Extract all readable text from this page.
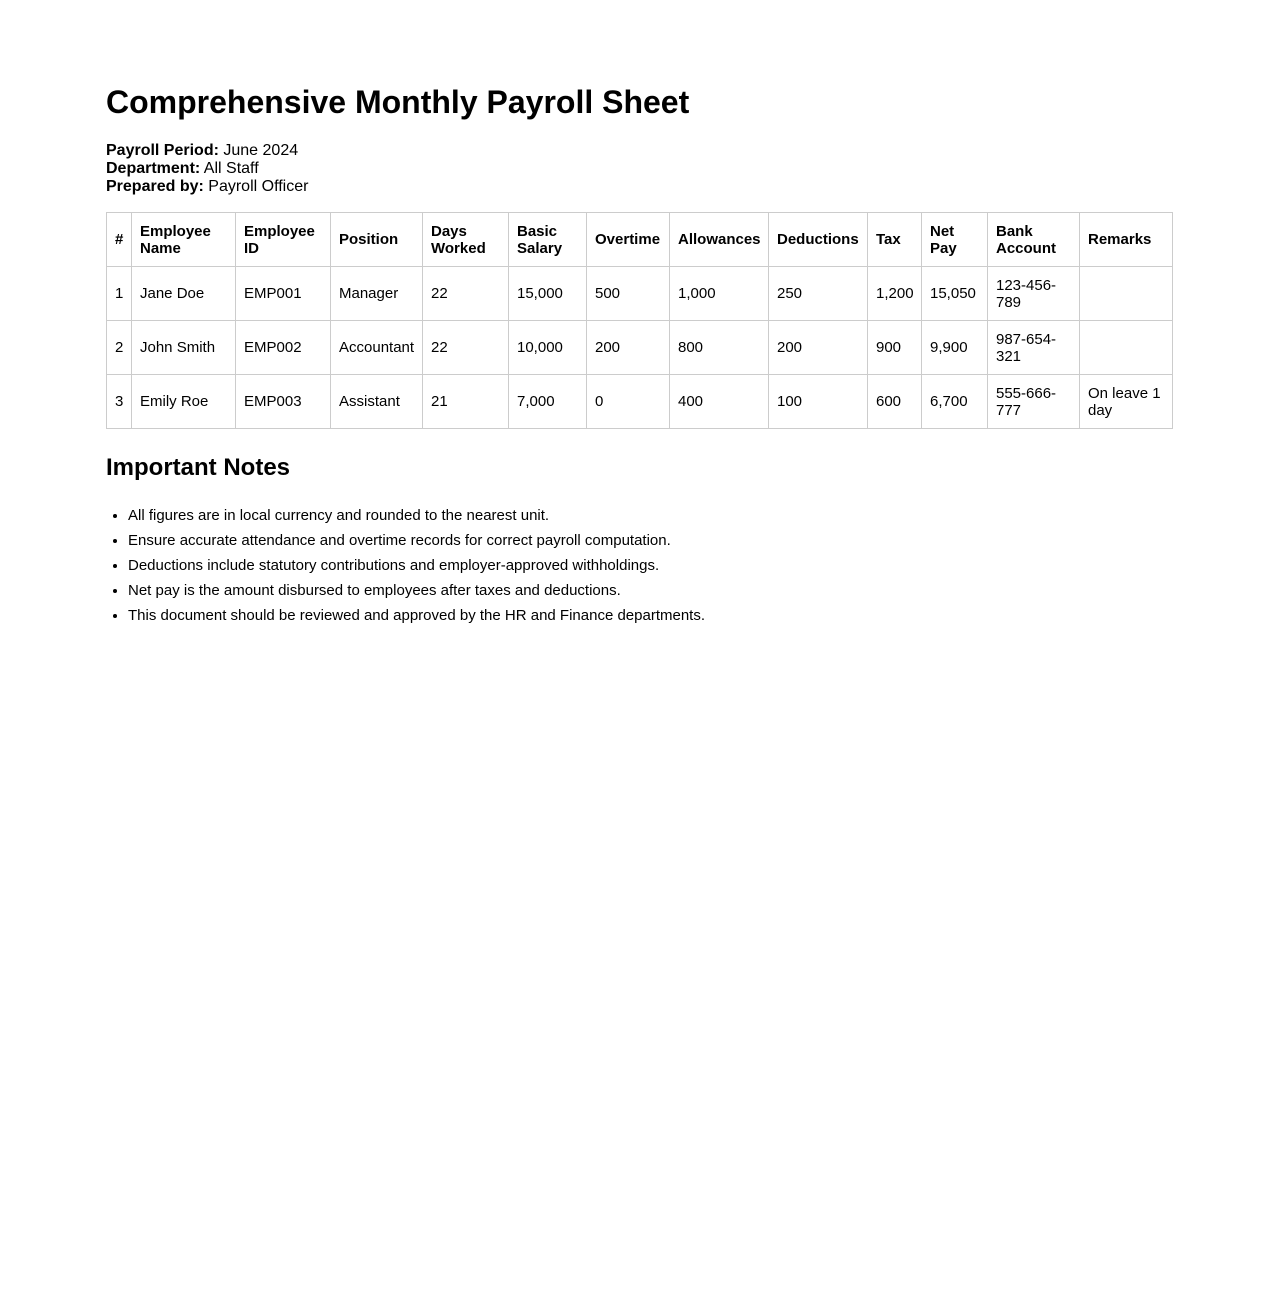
Comprehensive Monthly Payroll Sheet
Payroll Period: June 2024
Department: All Staff
Prepared by: Payroll Officer
#	Employee Name	Employee ID	Position	Days Worked	Basic Salary	Overtime	Allowances	Deductions	Tax	Net Pay	Bank Account	Remarks
1	Jane Doe	EMP001	Manager	22	15,000	500	1,000	250	1,200	15,050	123-456-789	
2	John Smith	EMP002	Accountant	22	10,000	200	800	200	900	9,900	987-654-321	
3	Emily Roe	EMP003	Assistant	21	7,000	0	400	100	600	6,700	555-666-777	On leave 1 day
Important Notes
• All figures are in local currency and rounded to the nearest unit.
• Ensure accurate attendance and overtime records for correct payroll computation.
• Deductions include statutory contributions and employer-approved withholdings.
• Net pay is the amount disbursed to employees after taxes and deductions.
• This document should be reviewed and approved by the HR and Finance departments.
